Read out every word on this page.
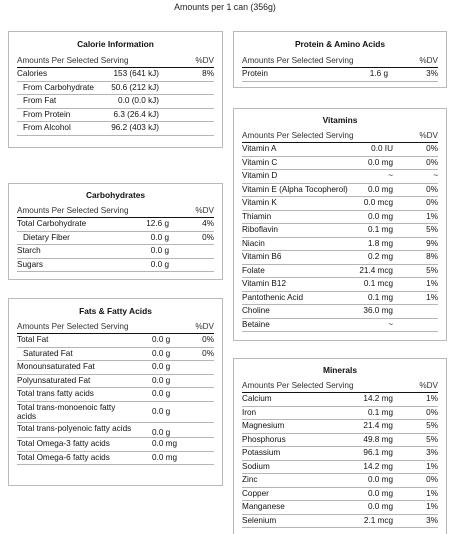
Amounts per 1 can (356g)
Calorie Information
Amounts Per Selected Serving	%DV
Calories	153 (641 kJ)	8%
From Carbohydrate	50.6 (212 kJ)
From Fat	0.0 (0.0 kJ)
From Protein	6.3 (26.4 kJ)
From Alcohol	96.2 (403 kJ)
Carbohydrates
Amounts Per Selected Serving	%DV
Total Carbohydrate	12.6 g	4%
Dietary Fiber	0.0 g	0%
Starch	0.0 g
Sugars	0.0 g
Fats & Fatty Acids
Amounts Per Selected Serving	%DV
Total Fat	0.0 g	0%
Saturated Fat	0.0 g	0%
Monounsaturated Fat	0.0 g
Polyunsaturated Fat	0.0 g
Total trans fatty acids	0.0 g
Total trans-monoenoic fatty acids
0.0 g
Total trans-polyenoic fatty acids	0.0 g
Total Omega-3 fatty acids	0.0 mg
Total Omega-6 fatty acids	0.0 mg
Protein & Amino Acids
Amounts Per Selected Serving	%DV
Protein	1.6 g	3%
Vitamins
Amounts Per Selected Serving	%DV
Vitamin A	0.0 IU	0%
Vitamin C	0.0 mg	0%
Vitamin D	~	~
Vitamin E (Alpha Tocopherol)	0.0 mg	0%
Vitamin K	0.0 mcg	0%
Thiamin	0.0 mg	1%
Riboflavin	0.1 mg	5%
Niacin	1.8 mg	9%
Vitamin B6	0.2 mg	8%
Folate	21.4 mcg	5%
Vitamin B12	0.1 mcg	1%
Pantothenic Acid	0.1 mg	1%
Choline	36.0 mg
Betaine	~
Minerals
Amounts Per Selected Serving	%DV
Calcium	14.2 mg	1%
Iron	0.1 mg	0%
Magnesium	21.4 mg	5%
Phosphorus	49.8 mg	5%
Potassium	96.1 mg	3%
Sodium	14.2 mg	1%
Zinc	0.0 mg	0%
Copper	0.0 mg	1%
Manganese	0.0 mg	1%
Selenium	2.1 mcg	3%
